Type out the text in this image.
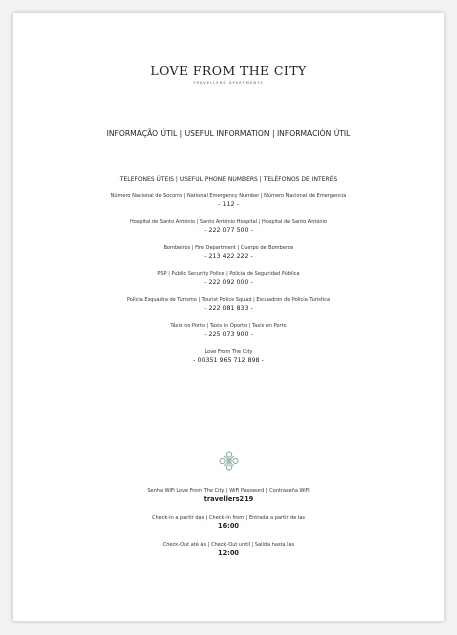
LOVE FROM THE CITY
TRAVELLERS APARTMENTS
INFORMAÇÃO ÚTIL | USEFUL INFORMATION | INFORMACIÓN ÚTIL
TELEFONES ÚTEIS | USEFUL PHONE NUMBERS | TELÉFONOS DE INTERÉS
Número Nacional de Socorro | National Emergency Number | Número Nacional de Emergencia
- 112 -
Hospital de Santo António | Santo António Hospital | Hospital de Santo António
- 222 077 500 -
Bombeiros | Fire Department | Cuerpo de Bomberos
- 213 422 222 -
PSP | Public Security Police | Policia de Seguridad Pública
- 222 092 000 -
Polícia Esquadra de Turismo | Tourist Police Squad | Escuadrón de Policía Turística
- 222 081 833 -
Táxis no Porto | Taxis in Oporto | Taxis en Porto
- 225 073 900 -
Love From The City
- 00351 965 712 898 -
Senha WiFi Love From The City | WiFi Password | Contraseña WiFi
travellers219
Check-In a partir das | Check-In from | Entrada a partir de las
16:00
Check-Out até às | Check-Out until | Salida hasta las
12:00
